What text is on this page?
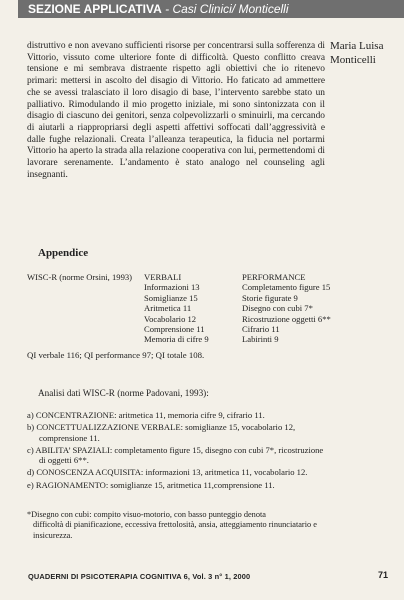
SEZIONE APPLICATIVA - Casi Clinici/ Monticelli
Maria Luisa
Monticelli

distruttivo e non avevano sufficienti risorse per concentrarsi sulla sofferenza di Vittorio, vissuto come ulteriore fonte di difficoltà. Questo conflitto creava tensione e mi sembrava distraente rispetto agli obiettivi che io ritenevo primari: mettersi in ascolto del disagio di Vittorio. Ho faticato ad ammettere che se avessi tralasciato il loro disagio di base, l’intervento sarebbe stato un palliativo. Rimodulando il mio progetto iniziale, mi sono sintonizzata con il disagio di ciascuno dei genitori, senza colpevolizzarli o sminuirli, ma cercando di aiutarli a riappropriarsi degli aspetti affettivi soffocati dall’aggressività e dalle fughe relazionali. Creata l’alleanza terapeutica, la fiducia nel portarmi Vittorio ha aperto la strada alla relazione cooperativa con lui, permettendomi di lavorare serenamente. L’andamento è stato analogo nel counseling agli insegnanti.

Appendice
WISC-R (norme Orsini, 1993) VERBALI	PERFORMANCE
Informazioni 13	Completamento figure 15
Somiglianze 15	Storie figurate 9
Aritmetica 11	Disegno con cubi 7*
Vocabolario 12	Ricostruzione oggetti 6**
Comprensione 11	Cifrario 11
Memoria di cifre 9	Labirinti 9
QI verbale 116; QI performance 97; QI totale 108.
Analisi dati WISC-R (norme Padovani, 1993):
a) CONCENTRAZIONE: aritmetica 11, memoria cifre 9, cifrario 11.
b) CONCETTUALIZZAZIONE VERBALE: somiglianze 15, vocabolario 12, comprensione 11.
c) ABILITA’ SPAZIALI: completamento figure 15, disegno con cubi 7*, ricostruzione di oggetti 6**.
d) CONOSCENZA ACQUISITA: informazioni 13, aritmetica 11, vocabolario 12.
e) RAGIONAMENTO: somiglianze 15, aritmetica 11,comprensione 11.

*Disegno con cubi: compito visuo-motorio, con basso punteggio denota
difficoltà di pianificazione, eccessiva frettolosità, ansia, atteggiamento rinunciatario e insicurezza.

QUADERNI DI PSICOTERAPIA COGNITIVA 6, Vol. 3 n° 1, 2000	71
